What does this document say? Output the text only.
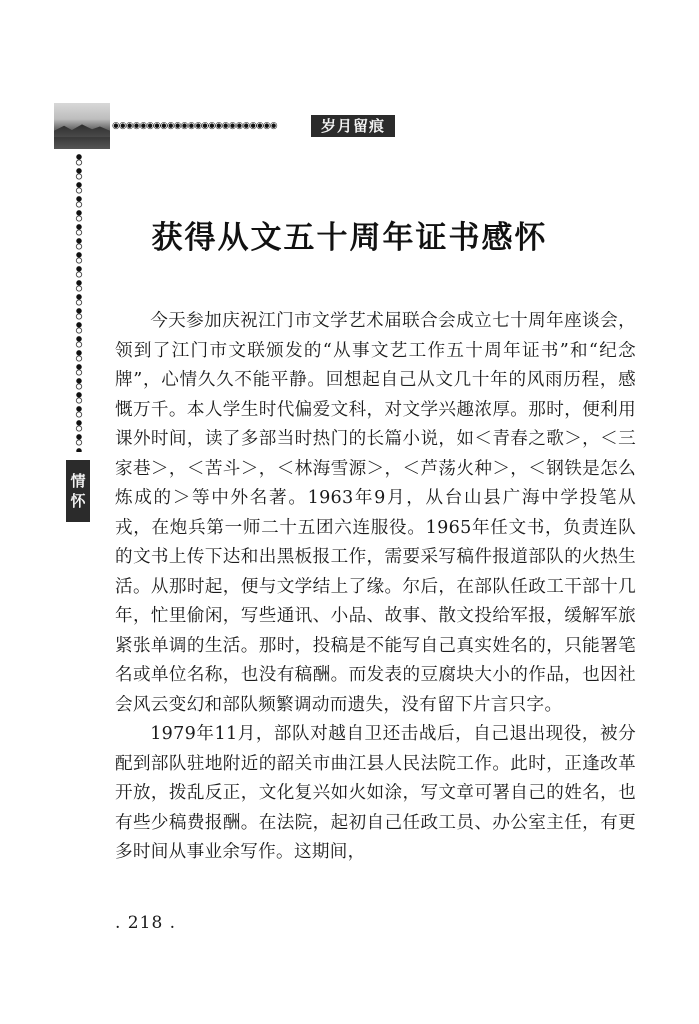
◉ ◉ ◉ ◉ ◉ ◉ ◉ ◉ ◉ ◉ ◉ ◉ ◉ ◉ ◉ ◉ ◉ ◉ ◉ ◉ ◉ ◉ ◉ ◉	岁月留痕
情
怀
获得从文五十周年证书感怀

今天参加庆祝江门市文学艺术届联合会成立七十周年座谈会，领到了江门市文联颁发的“从事文艺工作五十周年证书”和“纪念牌”，心情久久不能平静。回想起自己从文几十年的风雨历程，感慨万千。本人学生时代偏爱文科，对文学兴趣浓厚。那时，便利用课外时间，读了多部当时热门的长篇小说，如＜青春之歌＞，＜三家巷＞，＜苦斗＞，＜林海雪源＞，＜芦荡火种＞，＜钢铁是怎么炼成的＞等中外名著。1963年9月，从台山县广海中学投笔从戎，在炮兵第一师二十五团六连服役。1965年任文书，负责连队的文书上传下达和出黑板报工作，需要采写稿件报道部队的火热生活。从那时起，便与文学结上了缘。尔后，在部队任政工干部十几年，忙里偷闲，写些通讯、小品、故事、散文投给军报，缓解军旅紧张单调的生活。那时，投稿是不能写自己真实姓名的，只能署笔名或单位名称，也没有稿酬。而发表的豆腐块大小的作品，也因社会风云变幻和部队频繁调动而遗失，没有留下片言只字。

1979年11月，部队对越自卫还击战后，自己退出现役，被分配到部队驻地附近的韶关市曲江县人民法院工作。此时，正逢改革开放，拨乱反正，文化复兴如火如涂，写文章可署自己的姓名，也有些少稿费报酬。在法院，起初自己任政工员、办公室主任，有更多时间从事业余写作。这期间，

. 218 .
